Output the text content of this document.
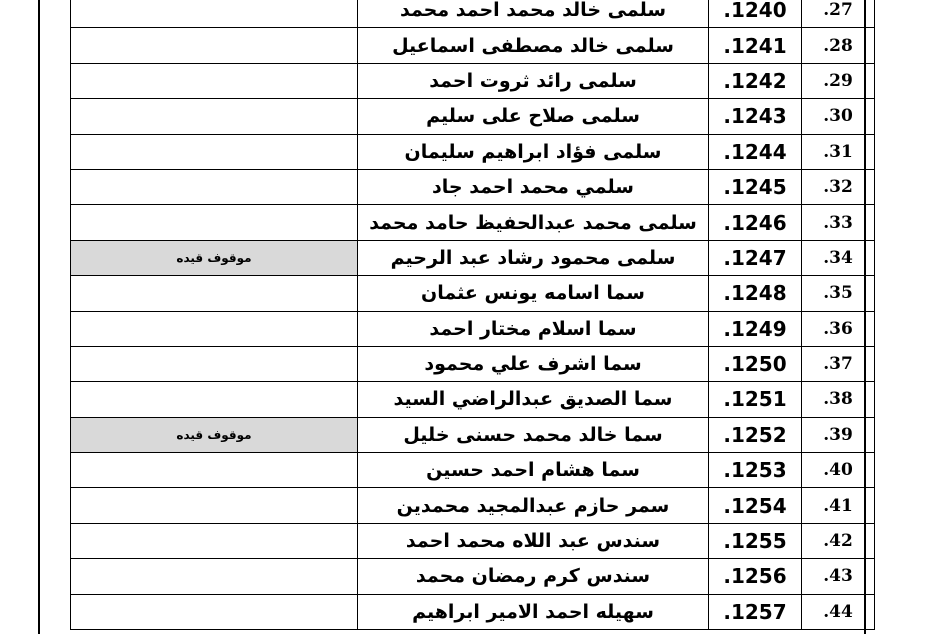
.27	.1240	سلمى خالد محمد احمد محمد	
.28	.1241	سلمى خالد مصطفى اسماعيل	
.29	.1242	سلمى رائد ثروت احمد	
.30	.1243	سلمى صلاح على سليم	
.31	.1244	سلمى فؤاد ابراهيم سليمان	
.32	.1245	سلمي محمد احمد جاد	
.33	.1246	سلمى محمد عبدالحفيظ حامد محمد	
.34	.1247	سلمى محمود رشاد عبد الرحيم	موقوف قيده
.35	.1248	سما اسامه يونس عثمان	
.36	.1249	سما اسلام مختار احمد	
.37	.1250	سما اشرف علي محمود	
.38	.1251	سما الصديق عبدالراضي السيد	
.39	.1252	سما خالد محمد حسنى خليل	موقوف قيده
.40	.1253	سما هشام احمد حسين	
.41	.1254	سمر حازم عبدالمجيد محمدين	
.42	.1255	سندس عبد اللاه محمد احمد	
.43	.1256	سندس كرم رمضان محمد	
.44	.1257	سهيله احمد الامير ابراهيم	
